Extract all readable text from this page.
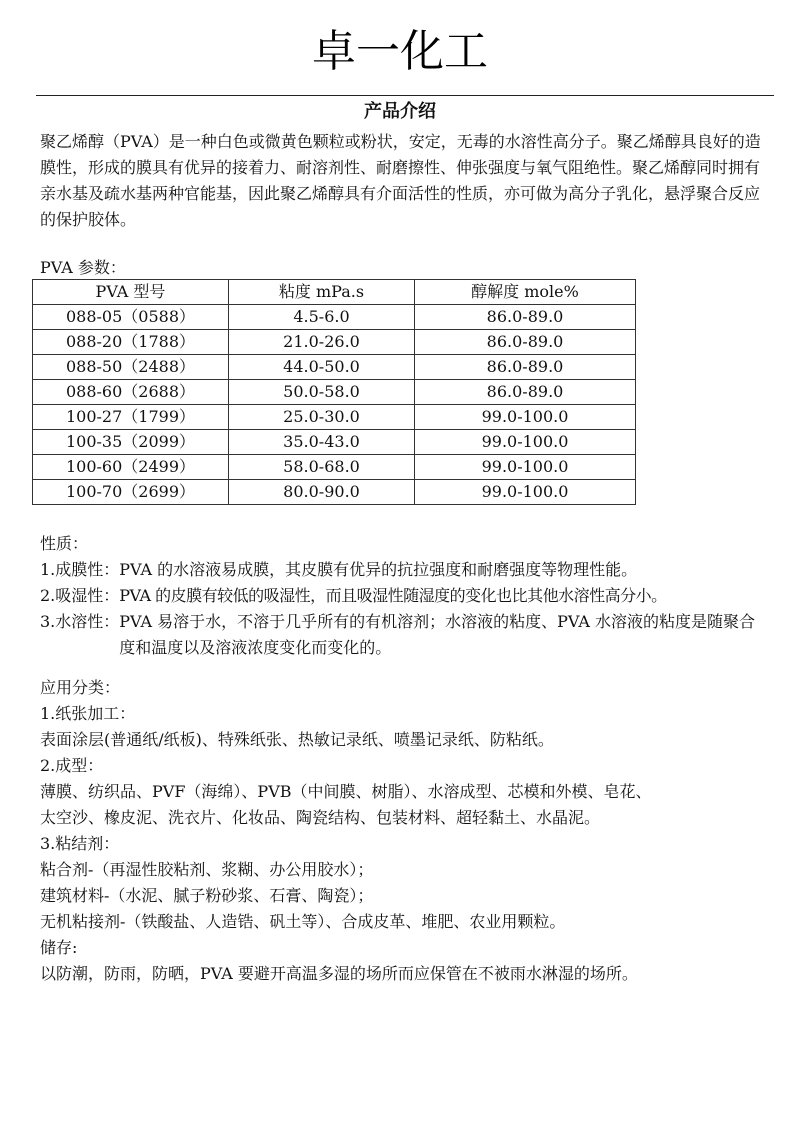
卓一化工
产品介绍

聚乙烯醇（PVA）是一种白色或微黄色颗粒或粉状，安定，无毒的水溶性高分子。聚乙烯醇具良好的造膜性，形成的膜具有优异的接着力、耐溶剂性、耐磨擦性、伸张强度与氧气阻绝性。聚乙烯醇同时拥有亲水基及疏水基两种官能基，因此聚乙烯醇具有介面活性的性质，亦可做为高分子乳化，悬浮聚合反应的保护胶体。

PVA 参数：
PVA 型号	粘度 mPa.s	醇解度 mole%
088-05（0588）	4.5-6.0	86.0-89.0
088-20（1788）	21.0-26.0	86.0-89.0
088-50（2488）	44.0-50.0	86.0-89.0
088-60（2688）	50.0-58.0	86.0-89.0
100-27（1799）	25.0-30.0	99.0-100.0
100-35（2099）	35.0-43.0	99.0-100.0
100-60（2499）	58.0-68.0	99.0-100.0
100-70（2699）	80.0-90.0	99.0-100.0
性质：
1.成膜性： PVA 的水溶液易成膜，其皮膜有优异的抗拉强度和耐磨强度等物理性能。
2.吸湿性： PVA 的皮膜有较低的吸湿性，而且吸湿性随湿度的变化也比其他水溶性高分小。
3.水溶性： PVA 易溶于水，不溶于几乎所有的有机溶剂；水溶液的粘度、PVA 水溶液的粘度是随聚合度和温度以及溶液浓度变化而变化的。
应用分类：
1.纸张加工：
表面涂层(普通纸/纸板)、特殊纸张、热敏记录纸、喷墨记录纸、防粘纸。
2.成型：
薄膜、纺织品、PVF（海绵）、PVB（中间膜、树脂）、水溶成型、芯模和外模、皂花、
太空沙、橡皮泥、洗衣片、化妆品、陶瓷结构、包装材料、超轻黏土、水晶泥。
3.粘结剂：
粘合剂-（再湿性胶粘剂、浆糊、办公用胶水）；
建筑材料-（水泥、腻子粉砂浆、石膏、陶瓷）；
无机粘接剂-（铁酸盐、人造锆、矾土等）、合成皮革、堆肥、农业用颗粒。
储存:
以防潮，防雨，防晒，PVA 要避开高温多湿的场所而应保管在不被雨水淋湿的场所。
